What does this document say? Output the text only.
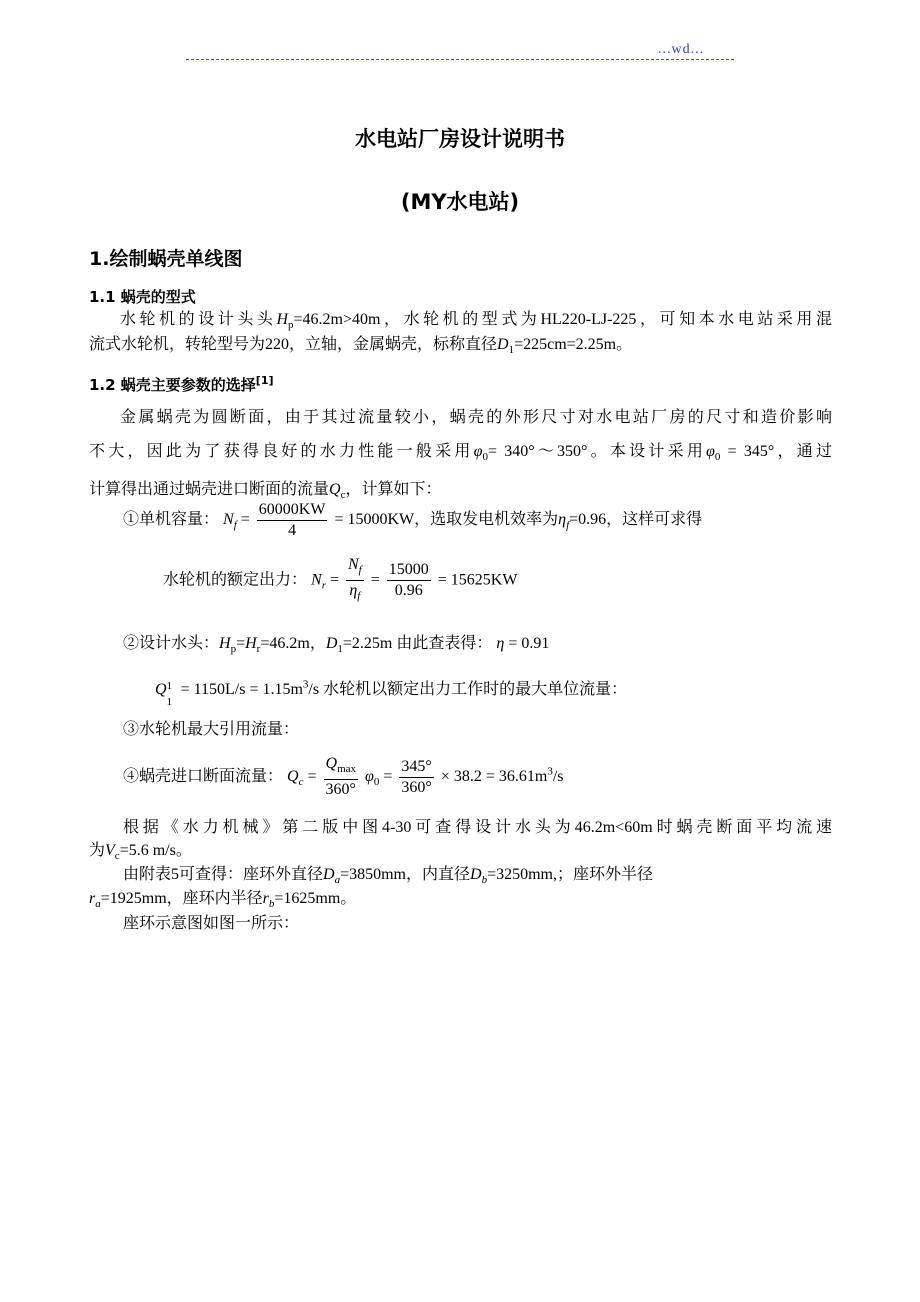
...wd...
水电站厂房设计说明书
(MY水电站)
1.绘制蜗壳单线图
1.1 蜗壳的型式
水轮机的设计头头$H_p=46.2m>40m$，水轮机的型式为HL220-LJ-225，可知本水电站采用混
流式水轮机，转轮型号为220，立轴，金属蜗壳，标称直径$D_1=225cm=2.25m$。
1.2 蜗壳主要参数的选择[1]
金属蜗壳为圆断面，由于其过流量较小，蜗壳的外形尺寸对水电站厂房的尺寸和造价影响
不大，因此为了获得良好的水力性能一般采用$\varphi_0=$ 340°～350°。本设计采用$\varphi_0 = 345^\circ$，通过
计算得出通过蜗壳进口断面的流量$Q_c$，计算如下：
①单机容量： $N_f = \frac{60000KW}{4} = 15000KW$，选取发电机效率为$\eta_f=0.96$，这样可求得
水轮机的额定出力： $N_r = \frac{N_f}{\eta_f} = \frac{15000}{0.96} = 15625KW$
②设计水头：$H_p=H_r=46.2m$，$D_1=2.25m$ 由此查表得： η = 0.91
Q 1
1
= $1150L/s = 1.15m^3/s$ 水轮机以额定出力工作时的最大单位流量：
③水轮机最大引用流量：
④蜗壳进口断面流量： $Q_c = \frac{Q_{max}}{360^\circ} \varphi_0 = \frac{345^\circ}{360^\circ} \times 38.2 = 36.61m^3/s$
根据《水力机械》第二版中图4-30可查得设计水头为46.2m<60m时蜗壳断面平均流速
为$V_c=5.6$ m/s。
由附表5可查得：座环外直径$D_a=3850mm$，内直径$D_b=3250mm$,；座环外半径
$r_a=1925mm$，座环内半径$r_b=1625mm$。
座环示意图如图一所示：
